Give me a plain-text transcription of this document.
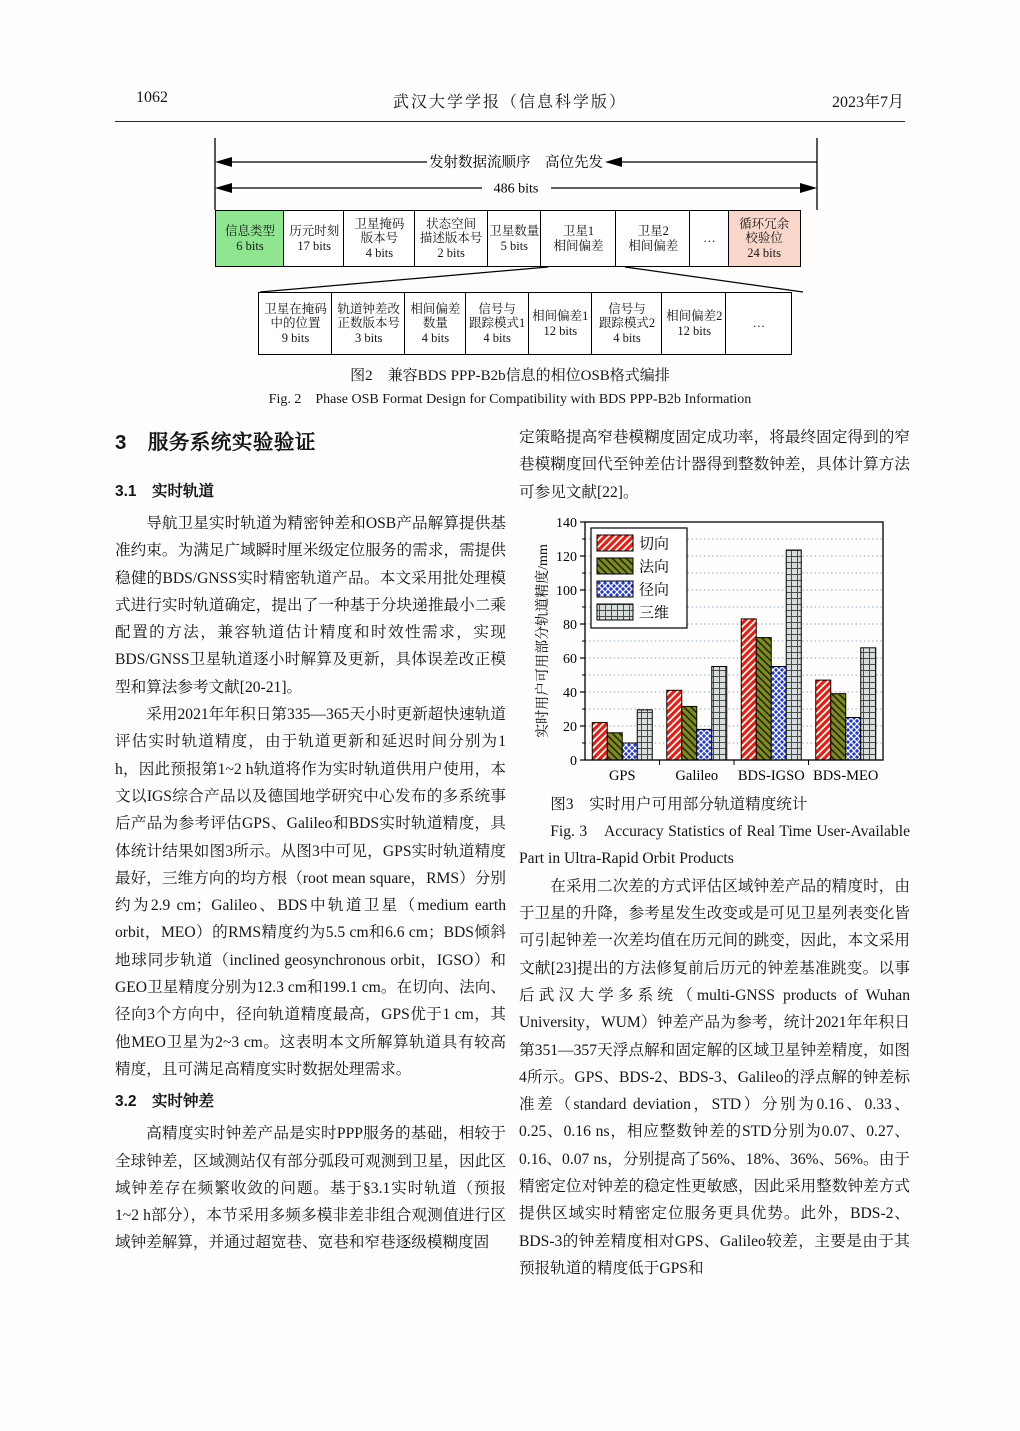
1062	武汉大学学报（信息科学版）	2023年7月
发射数据流顺序　高位先发
486 bits
信息类型
6 bits
历元时刻
17 bits
卫星掩码
版本号
4 bits
状态空间
描述版本号
2 bits
卫星数量
5 bits
卫星1
相间偏差
卫星2
相间偏差
…
循环冗余
校验位
24 bits
卫星在掩码
中的位置
9 bits
轨道钟差改
正数版本号
3 bits
相间偏差
数量
4 bits
信号与
跟踪模式1
4 bits
相间偏差1
12 bits
信号与
跟踪模式2
4 bits
相间偏差2
12 bits
…
图2　兼容BDS PPP-B2b信息的相位OSB格式编排
Fig. 2　Phase OSB Format Design for Compatibility with BDS PPP-B2b Information
3　服务系统实验验证
3.1　实时轨道

导航卫星实时轨道为精密钟差和OSB产品解算提供基准约束。为满足广域瞬时厘米级定位服务的需求，需提供稳健的BDS/GNSS实时精密轨道产品。本文采用批处理模式进行实时轨道确定，提出了一种基于分块递推最小二乘配置的方法，兼容轨道估计精度和时效性需求，实现BDS/GNSS卫星轨道逐小时解算及更新，具体误差改正模型和算法参考文献[20-21]。

采用2021年年积日第335—365天小时更新超快速轨道评估实时轨道精度，由于轨道更新和延迟时间分别为1 h，因此预报第1~2 h轨道将作为实时轨道供用户使用，本文以IGS综合产品以及德国地学研究中心发布的多系统事后产品为参考评估GPS、Galileo和BDS实时轨道精度，具体统计结果如图3所示。从图3中可见，GPS实时轨道精度最好，三维方向的均方根（root mean square，RMS）分别约为2.9 cm；Galileo、BDS中轨道卫星（medium earth orbit，MEO）的RMS精度约为5.5 cm和6.6 cm；BDS倾斜地球同步轨道（inclined geosynchronous orbit，IGSO）和GEO卫星精度分别为12.3 cm和199.1 cm。在切向、法向、径向3个方向中，径向轨道精度最高，GPS优于1 cm，其他MEO卫星为2~3 cm。这表明本文所解算轨道具有较高精度，且可满足高精度实时数据处理需求。

3.2　实时钟差

高精度实时钟差产品是实时PPP服务的基础，相较于全球钟差，区域测站仅有部分弧段可观测到卫星，因此区域钟差存在频繁收敛的问题。基于§3.1实时轨道（预报1~2 h部分），本节采用多频多模非差非组合观测值进行区域钟差解算，并通过超宽巷、宽巷和窄巷逐级模糊度固

定策略提高窄巷模糊度固定成功率，将最终固定得到的窄巷模糊度回代至钟差估计器得到整数钟差，具体计算方法可参见文献[22]。

GPS	Galileo BDS-IGSO BDS-MEO
0
20
40
60
80
100
120
140
实时用户可用部分轨道精度/mm	切向
法向
径向
三维

图3　实时用户可用部分轨道精度统计

Fig. 3　Accuracy Statistics of Real Time User-Available Part in Ultra-Rapid Orbit Products

在采用二次差的方式评估区域钟差产品的精度时，由于卫星的升降，参考星发生改变或是可见卫星列表变化皆可引起钟差一次差均值在历元间的跳变，因此，本文采用文献[23]提出的方法修复前后历元的钟差基准跳变。以事后武汉大学多系统（multi-GNSS products of Wuhan University，WUM）钟差产品为参考，统计2021年年积日第351—357天浮点解和固定解的区域卫星钟差精度，如图4所示。GPS、BDS-2、BDS-3、Galileo的浮点解的钟差标准差（standard deviation，STD）分别为0.16、0.33、0.25、0.16 ns，相应整数钟差的STD分别为0.07、0.27、0.16、0.07 ns，分别提高了56%、18%、36%、56%。由于精密定位对钟差的稳定性更敏感，因此采用整数钟差方式提供区域实时精密定位服务更具优势。此外，BDS-2、BDS-3的钟差精度相对GPS、Galileo较差，主要是由于其预报轨道的精度低于GPS和
